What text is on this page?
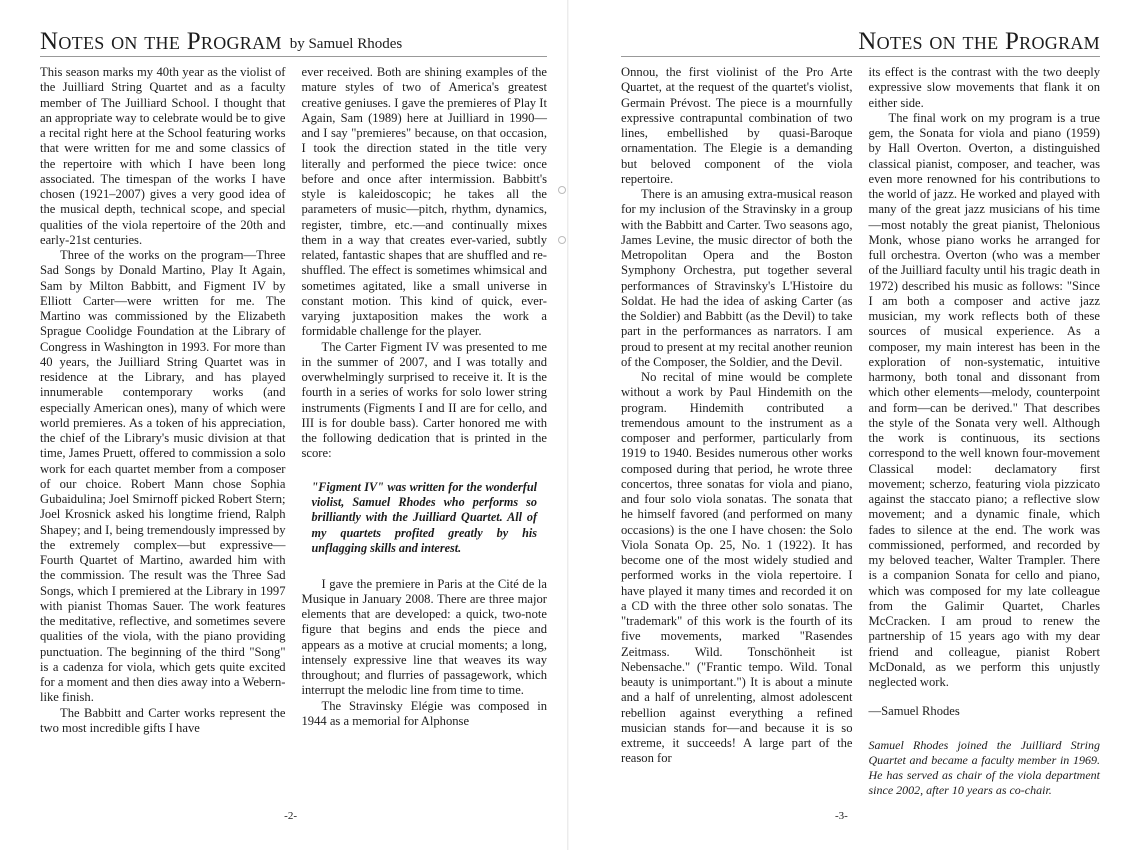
Notes on the Program by Samuel Rhodes

This season marks my 40th year as the violist of the Juilliard String Quartet and as a faculty member of The Juilliard School. I thought that an appropriate way to celebrate would be to give a recital right here at the School featuring works that were written for me and some classics of the repertoire with which I have been long associated. The timespan of the works I have chosen (1921–2007) gives a very good idea of the musical depth, technical scope, and special qualities of the viola repertoire of the 20th and early-21st centuries.

Three of the works on the program—Three Sad Songs by Donald Martino, Play It Again, Sam by Milton Babbitt, and Figment IV by Elliott Carter—were written for me. The Martino was commissioned by the Elizabeth Sprague Coolidge Foundation at the Library of Congress in Washington in 1993. For more than 40 years, the Juilliard String Quartet was in residence at the Library, and has played innumerable contemporary works (and especially American ones), many of which were world premieres. As a token of his appreciation, the chief of the Library's music division at that time, James Pruett, offered to commission a solo work for each quartet member from a composer of our choice. Robert Mann chose Sophia Gubaidulina; Joel Smirnoff picked Robert Stern; Joel Krosnick asked his longtime friend, Ralph Shapey; and I, being tremendously impressed by the extremely complex—but expressive—Fourth Quartet of Martino, awarded him with the commission. The result was the Three Sad Songs, which I premiered at the Library in 1997 with pianist Thomas Sauer. The work features the meditative, reflective, and sometimes severe qualities of the viola, with the piano providing punctuation. The beginning of the third "Song" is a cadenza for viola, which gets quite excited for a moment and then dies away into a Webern-like finish.

The Babbitt and Carter works represent the two most incredible gifts I have

ever received. Both are shining examples of the mature styles of two of America's greatest creative geniuses. I gave the premieres of Play It Again, Sam (1989) here at Juilliard in 1990—and I say "premieres" because, on that occasion, I took the direction stated in the title very literally and performed the piece twice: once before and once after intermission. Babbitt's style is kaleidoscopic; he takes all the parameters of music—pitch, rhythm, dynamics, register, timbre, etc.—and continually mixes them in a way that creates ever-varied, subtly related, fantastic shapes that are shuffled and re-shuffled. The effect is sometimes whimsical and sometimes agitated, like a small universe in constant motion. This kind of quick, ever-varying juxtaposition makes the work a formidable challenge for the player.

The Carter Figment IV was presented to me in the summer of 2007, and I was totally and overwhelmingly surprised to receive it. It is the fourth in a series of works for solo lower string instruments (Figments I and II are for cello, and III is for double bass). Carter honored me with the following dedication that is printed in the score:

"Figment IV" was written for the wonderful violist, Samuel Rhodes who performs so brilliantly with the Juilliard Quartet. All of my quartets profited greatly by his unflagging skills and interest.

I gave the premiere in Paris at the Cité de la Musique in January 2008. There are three major elements that are developed: a quick, two-note figure that begins and ends the piece and appears as a motive at crucial moments; a long, intensely expressive line that weaves its way throughout; and flurries of passagework, which interrupt the melodic line from time to time.

The Stravinsky Elégie was composed in 1944 as a memorial for Alphonse

-2-
Notes on the Program

Onnou, the first violinist of the Pro Arte Quartet, at the request of the quartet's violist, Germain Prévost. The piece is a mournfully expressive contrapuntal combination of two lines, embellished by quasi-Baroque ornamentation. The Elegie is a demanding but beloved component of the viola repertoire.

There is an amusing extra-musical reason for my inclusion of the Stravinsky in a group with the Babbitt and Carter. Two seasons ago, James Levine, the music director of both the Metropolitan Opera and the Boston Symphony Orchestra, put together several performances of Stravinsky's L'Histoire du Soldat. He had the idea of asking Carter (as the Soldier) and Babbitt (as the Devil) to take part in the performances as narrators. I am proud to present at my recital another reunion of the Composer, the Soldier, and the Devil.

No recital of mine would be complete without a work by Paul Hindemith on the program. Hindemith contributed a tremendous amount to the instrument as a composer and performer, particularly from 1919 to 1940. Besides numerous other works composed during that period, he wrote three concertos, three sonatas for viola and piano, and four solo viola sonatas. The sonata that he himself favored (and performed on many occasions) is the one I have chosen: the Solo Viola Sonata Op. 25, No. 1 (1922). It has become one of the most widely studied and performed works in the viola repertoire. I have played it many times and recorded it on a CD with the three other solo sonatas. The "trademark" of this work is the fourth of its five movements, marked "Rasendes Zeitmass. Wild. Tonschönheit ist Nebensache." ("Frantic tempo. Wild. Tonal beauty is unimportant.") It is about a minute and a half of unrelenting, almost adolescent rebellion against everything a refined musician stands for—and because it is so extreme, it succeeds! A large part of the reason for

its effect is the contrast with the two deeply expressive slow movements that flank it on either side.

The final work on my program is a true gem, the Sonata for viola and piano (1959) by Hall Overton. Overton, a distinguished classical pianist, composer, and teacher, was even more renowned for his contributions to the world of jazz. He worked and played with many of the great jazz musicians of his time—most notably the great pianist, Thelonious Monk, whose piano works he arranged for full orchestra. Overton (who was a member of the Juilliard faculty until his tragic death in 1972) described his music as follows: "Since I am both a composer and active jazz musician, my work reflects both of these sources of musical experience. As a composer, my main interest has been in the exploration of non-systematic, intuitive harmony, both tonal and dissonant from which other elements—melody, counterpoint and form—can be derived." That describes the style of the Sonata very well. Although the work is continuous, its sections correspond to the well known four-movement Classical model: declamatory first movement; scherzo, featuring viola pizzicato against the staccato piano; a reflective slow movement; and a dynamic finale, which fades to silence at the end. The work was commissioned, performed, and recorded by my beloved teacher, Walter Trampler. There is a companion Sonata for cello and piano, which was composed for my late colleague from the Galimir Quartet, Charles McCracken. I am proud to renew the partnership of 15 years ago with my dear friend and colleague, pianist Robert McDonald, as we perform this unjustly neglected work.

—Samuel Rhodes

Samuel Rhodes joined the Juilliard String Quartet and became a faculty member in 1969. He has served as chair of the viola department since 2002, after 10 years as co-chair.

-3-
